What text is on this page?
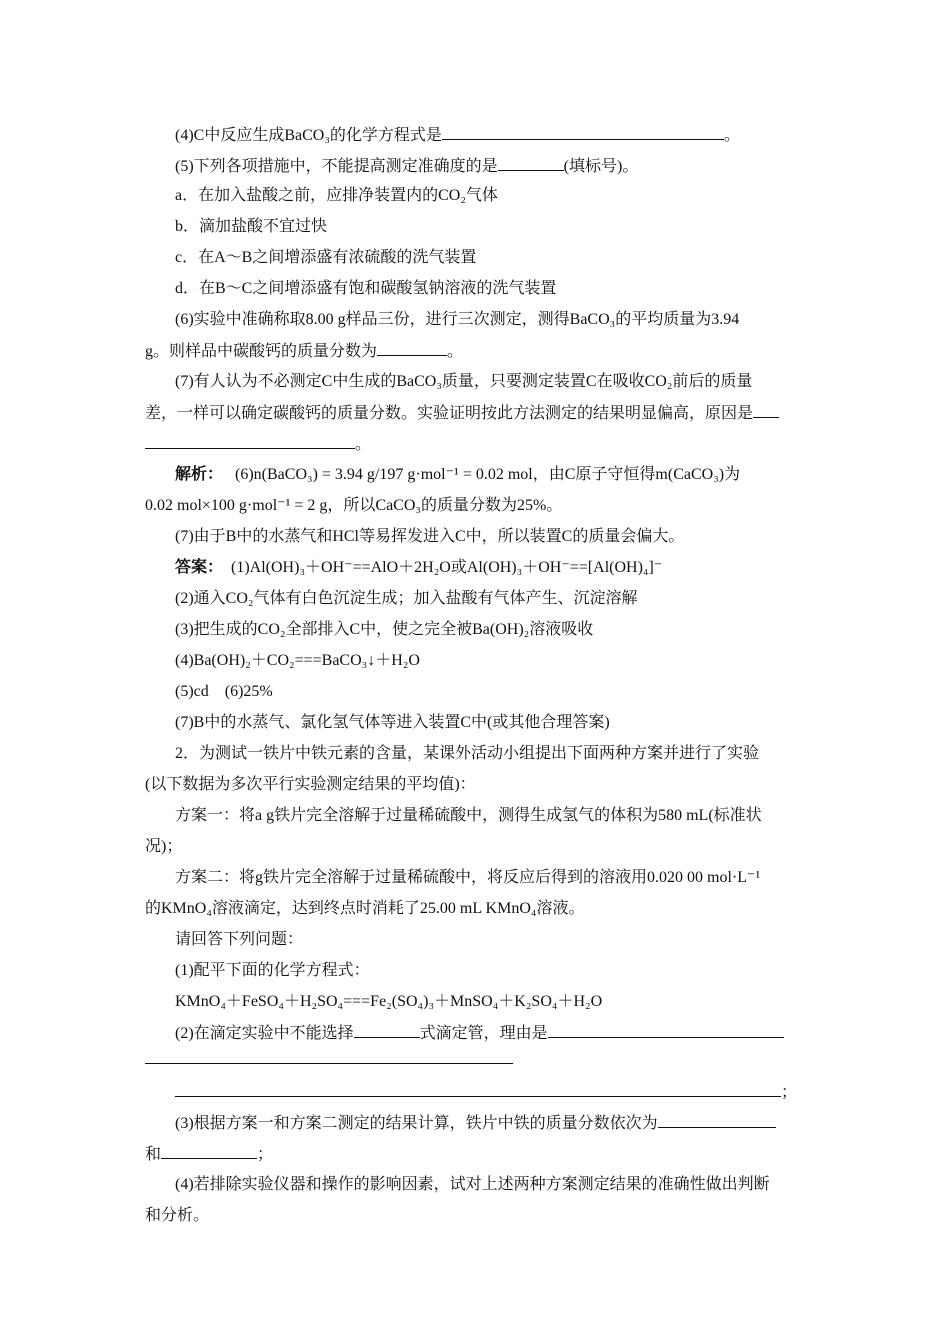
(4)C中反应生成BaCO₃的化学方程式是	。
(5)下列各项措施中，不能提高测定准确度的是	(填标号)。
a．在加入盐酸之前，应排净装置内的CO₂气体
b．滴加盐酸不宜过快
c．在A～B之间增添盛有浓硫酸的洗气装置
d．在B～C之间增添盛有饱和碳酸氢钠溶液的洗气装置
(6)实验中准确称取8.00 g样品三份，进行三次测定，测得BaCO₃的平均质量为3.94
g。则样品中碳酸钙的质量分数为	。
(7)有人认为不必测定C中生成的BaCO₃质量，只要测定装置C在吸收CO₂前后的质量
差，一样可以确定碳酸钙的质量分数。实验证明按此方法测定的结果明显偏高，原因是
。
解析： (6)n(BaCO₃) = 3.94 g/197 g·mol⁻¹ = 0.02 mol，由C原子守恒得m(CaCO₃)为
0.02 mol×100 g·mol⁻¹ = 2 g，所以CaCO₃的质量分数为25%。
(7)由于B中的水蒸气和HCl等易挥发进入C中，所以装置C的质量会偏大。
答案： (1)Al(OH)₃＋OH⁻==AlO＋2H₂O或Al(OH)₃＋OH⁻==[Al(OH)₄]⁻
(2)通入CO₂气体有白色沉淀生成；加入盐酸有气体产生、沉淀溶解
(3)把生成的CO₂全部排入C中，使之完全被Ba(OH)₂溶液吸收
(4)Ba(OH)₂＋CO₂===BaCO₃↓＋H₂O
(5)cd　(6)25%
(7)B中的水蒸气、氯化氢气体等进入装置C中(或其他合理答案)
2．为测试一铁片中铁元素的含量，某课外活动小组提出下面两种方案并进行了实验
(以下数据为多次平行实验测定结果的平均值)：
方案一：将a g铁片完全溶解于过量稀硫酸中，测得生成氢气的体积为580 mL(标准状
况)；
方案二：将g铁片完全溶解于过量稀硫酸中，将反应后得到的溶液用0.020 00 mol·L⁻¹
的KMnO₄溶液滴定，达到终点时消耗了25.00 mL KMnO₄溶液。
请回答下列问题：
(1)配平下面的化学方程式：
KMnO₄＋FeSO₄＋H₂SO₄===Fe₂(SO₄)₃＋MnSO₄＋K₂SO₄＋H₂O
(2)在滴定实验中不能选择	式滴定管，理由是
；
(3)根据方案一和方案二测定的结果计算，铁片中铁的质量分数依次为
和	；
(4)若排除实验仪器和操作的影响因素，试对上述两种方案测定结果的准确性做出判断
和分析。
